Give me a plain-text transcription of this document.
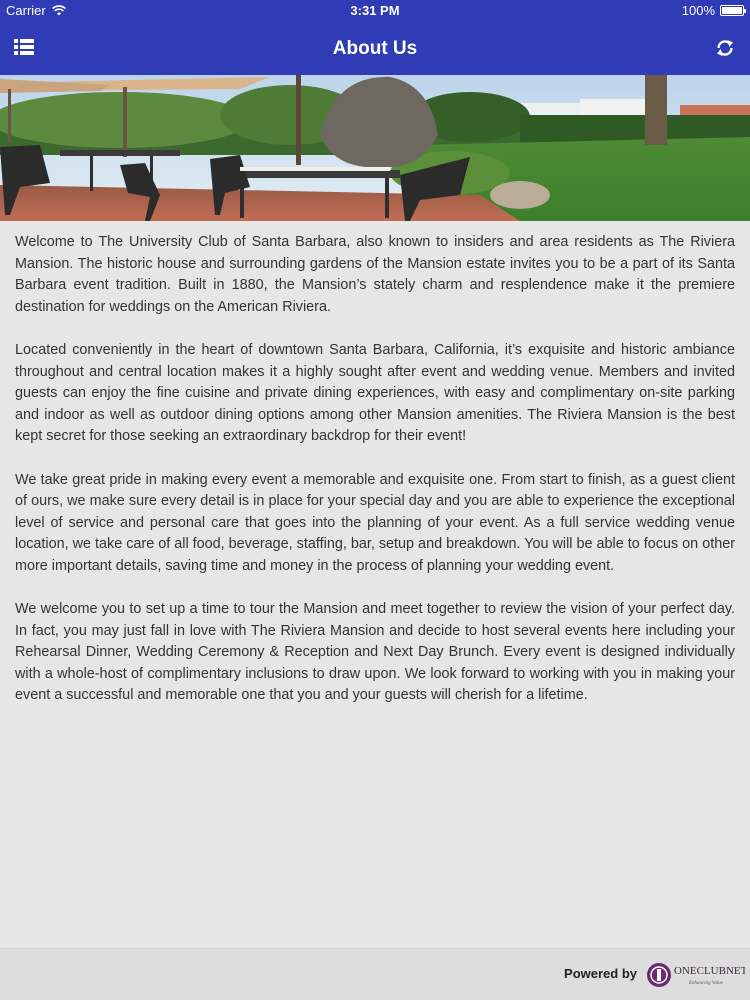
Carrier	3:31 PM	100%
About Us

Welcome to The University Club of Santa Barbara, also known to insiders and area residents as The Riviera Mansion. The historic house and surrounding gardens of the Mansion estate invites you to be a part of its Santa Barbara event tradition. Built in 1880, the Mansion’s stately charm and resplendence make it the premiere destination for weddings on the American Riviera.

Located conveniently in the heart of downtown Santa Barbara, California, it’s exquisite and historic ambiance throughout and central location makes it a highly sought after event and wedding venue. Members and invited guests can enjoy the fine cuisine and private dining experiences, with easy and complimentary on-site parking and indoor as well as outdoor dining options among other Mansion amenities. The Riviera Mansion is the best kept secret for those seeking an extraordinary backdrop for their event!

We take great pride in making every event a memorable and exquisite one. From start to finish, as a guest client of ours, we make sure every detail is in place for your special day and you are able to experience the exceptional level of service and personal care that goes into the planning of your event. As a full service wedding venue location, we take care of all food, beverage, staffing, bar, setup and breakdown. You will be able to focus on other more important details, saving time and money in the process of planning your wedding event.

We welcome you to set up a time to tour the Mansion and meet together to review the vision of your perfect day. In fact, you may just fall in love with The Riviera Mansion and decide to host several events here including your Rehearsal Dinner, Wedding Ceremony & Reception and Next Day Brunch. Every event is designed individually with a whole-host of complimentary inclusions to draw upon. We look forward to working with you in making your event a successful and memorable one that you and your guests will cherish for a lifetime.

Powered by	ONECLUBNET
Enhancing Value
